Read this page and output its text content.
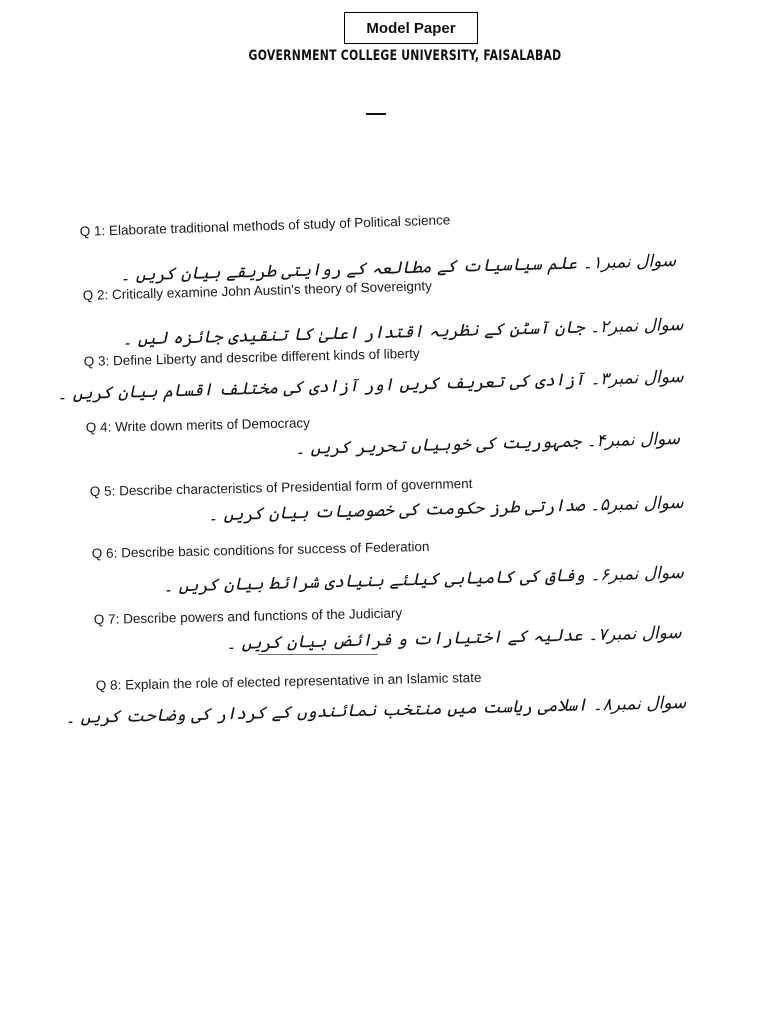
Model Paper
GOVERNMENT COLLEGE UNIVERSITY, FAISALABAD
Q 1: Elaborate traditional methods of study of Political science
سوال نمبر۱۔ علم سیاسیات کے مطالعہ کے روایتی طریقے بیان کریں ۔
Q 2: Critically examine John Austin's theory of Sovereignty
سوال نمبر۲۔ جان آسٹن کے نظریہ اقتدار اعلیٰ کا تنقیدی جائزہ لیں ۔
Q 3: Define Liberty and describe different kinds of liberty
سوال نمبر۳۔ آزادی کی تعریف کریں اور آزادی کی مختلف اقسام بیان کریں ۔
Q 4: Write down merits of Democracy
سوال نمبر۴۔ جمہوریت کی خوبیاں تحریر کریں ۔
Q 5: Describe characteristics of Presidential form of government
سوال نمبر۵۔ صدارتی طرز حکومت کی خصوصیات بیان کریں ۔
Q 6: Describe basic conditions for success of Federation
سوال نمبر۶۔ وفاق کی کامیابی کیلئے بنیادی شرائط بیان کریں ۔
Q 7: Describe powers and functions of the Judiciary
سوال نمبر۷۔ عدلیہ کے اختیارات و فرائض بیان کریں ۔
Q 8: Explain the role of elected representative in an Islamic state
سوال نمبر۸۔ اسلامی ریاست میں منتخب نمائندوں کے کردار کی وضاحت کریں ۔
